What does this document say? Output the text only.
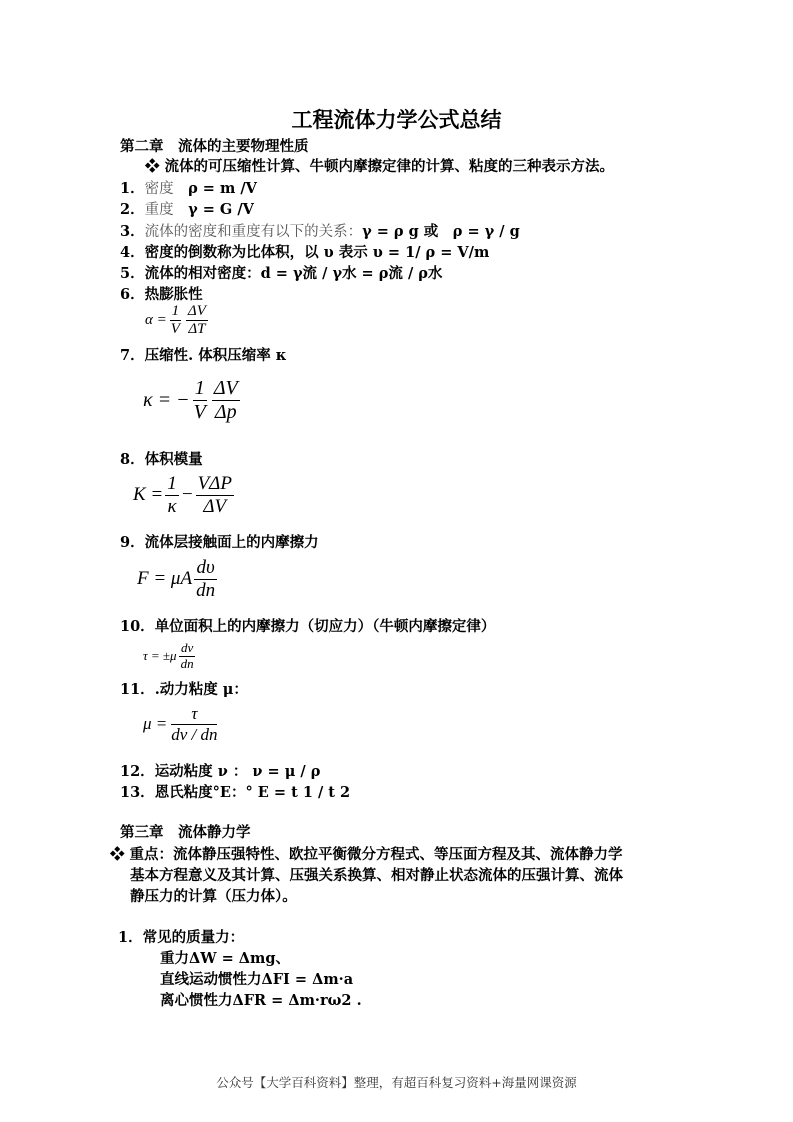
工程流体力学公式总结
第二章　流体的主要物理性质
❖ 流体的可压缩性计算、牛顿内摩擦定律的计算、粘度的三种表示方法。
1．密度　 ρ = m /V
2．重度　 γ = G /V
3．流体的密度和重度有以下的关系：γ = ρ g 或　ρ = γ / g
4．密度的倒数称为比体积，以 υ 表示 υ = 1/ ρ = V/m
5．流体的相对密度：d = γ流 / γ水 = ρ流 / ρ水
6．热膨胀性
$\alpha = \frac{1}{V}$ ΔV
ΔT
7．压缩性. 体积压缩率 κ
κ = − $\frac{1}{V}$ ΔV
Δp
8．体积模量
$K = \frac{1}{\kappa}$ −
VΔP
ΔV
9．流体层接触面上的内摩擦力
F = μA
dυ
dn
10．单位面积上的内摩擦力（切应力）（牛顿内摩擦定律）
τ = ±μ
dv
dn
11．.动力粘度 μ：
$\mu = \frac{\tau}{dv / dn}$
12．运动粘度 ν ： ν = μ / ρ
13．恩氏粘度°E：° E = t 1 / t 2
第三章　流体静力学
❖ 重点：流体静压强特性、欧拉平衡微分方程式、等压面方程及其、流体静力学
基本方程意义及其计算、压强关系换算、相对静止状态流体的压强计算、流体
静压力的计算（压力体）。
1．常见的质量力：
重力ΔW = Δmg、
直线运动惯性力ΔFI = Δm·a
离心惯性力ΔFR = Δm·rω2 .
公众号【大学百科资料】整理，有超百科复习资料+海量网课资源
